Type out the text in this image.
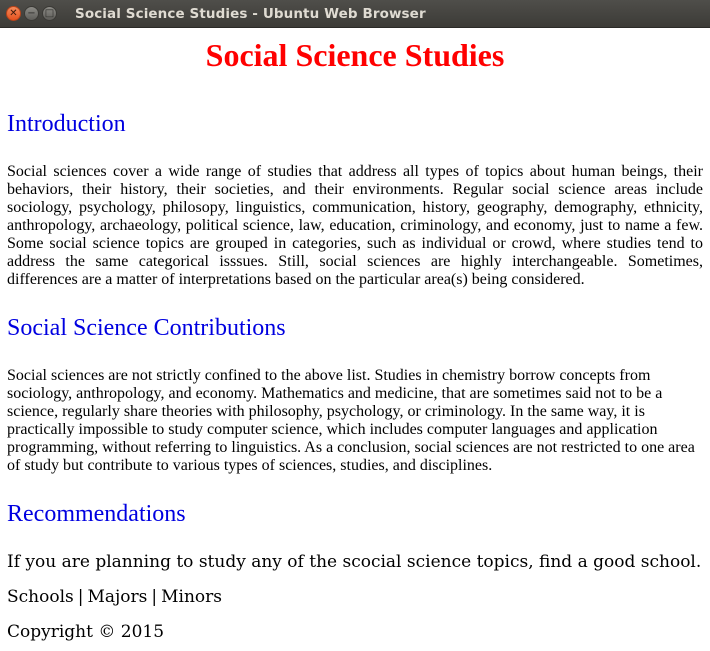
✕ − □ Social Science Studies - Ubuntu Web Browser
Social Science Studies
Introduction

Social sciences cover a wide range of studies that address all types of topics about human beings, their behaviors, their history, their societies, and their environments. Regular social science areas include sociology, psychology, philosopy, linguistics, communication, history, geography, demography, ethnicity, anthropology, archaeology, political science, law, education, criminology, and economy, just to name a few. Some social science topics are grouped in categories, such as individual or crowd, where studies tend to address the same categorical isssues. Still, social sciences are highly interchangeable. Sometimes, differences are a matter of interpretations based on the particular area(s) being considered.

Social Science Contributions

Social sciences are not strictly confined to the above list. Studies in chemistry borrow concepts from sociology, anthropology, and economy. Mathematics and medicine, that are sometimes said not to be a science, regularly share theories with philosophy, psychology, or criminology. In the same way, it is practically impossible to study computer science, which includes computer languages and application programming, without referring to linguistics. As a conclusion, social sciences are not restricted to one area of study but contribute to various types of sciences, studies, and disciplines.

Recommendations

If you are planning to study any of the scocial science topics, find a good school.

Schools | Majors | Minors

Copyright © 2015
